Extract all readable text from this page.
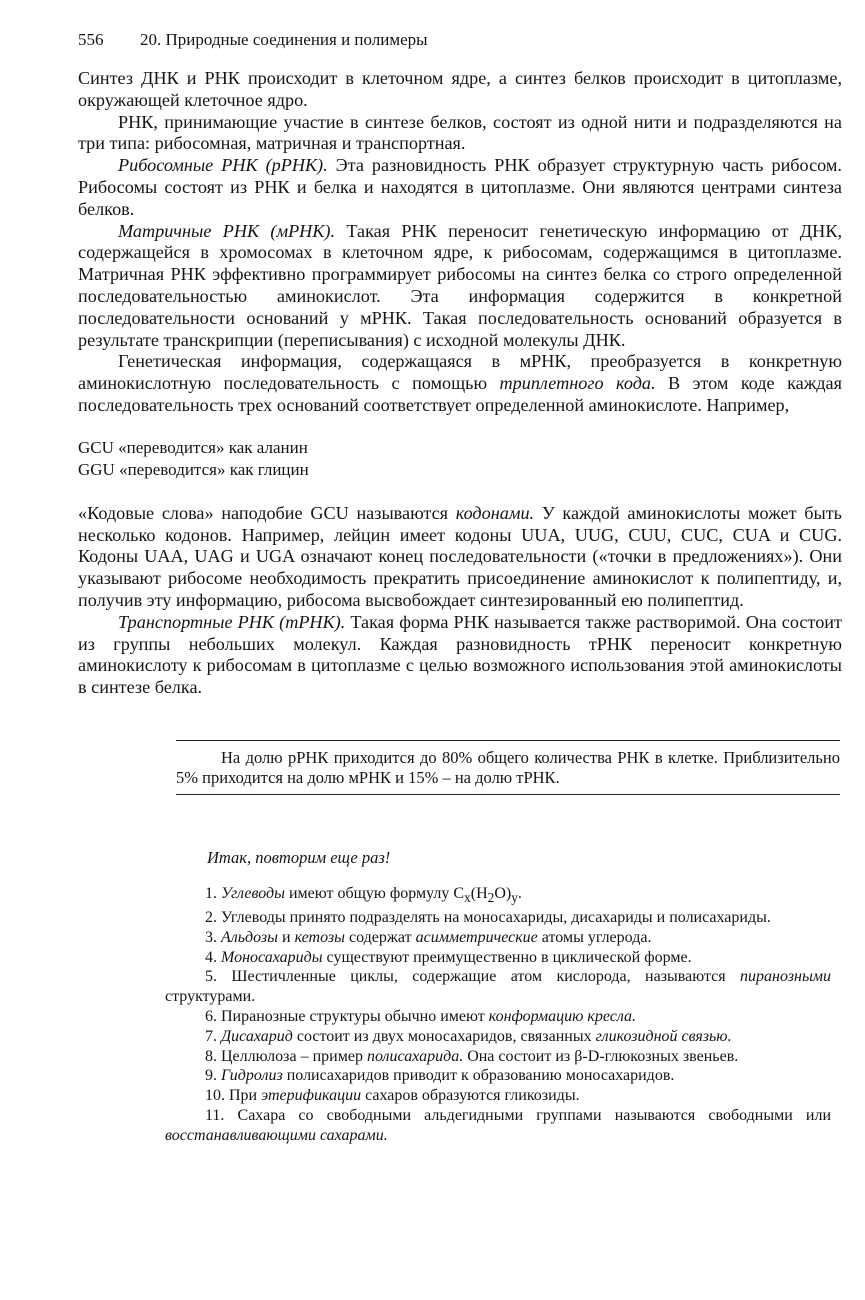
556 20. Природные соединения и полимеры

Синтез ДНК и РНК происходит в клеточном ядре, а синтез белков происходит в цитоплазме, окружающей клеточное ядро.

РНК, принимающие участие в синтезе белков, состоят из одной нити и подразделяются на три типа: рибосомная, матричная и транспортная.

Рибосомные РНК (рРНК). Эта разновидность РНК образует структурную часть рибосом. Рибосомы состоят из РНК и белка и находятся в цитоплазме. Они являются центрами синтеза белков.

Матричные РНК (мРНК). Такая РНК переносит генетическую информацию от ДНК, содержащейся в хромосомах в клеточном ядре, к рибосомам, содержащимся в цитоплазме. Матричная РНК эффективно программирует рибосомы на синтез белка со строго определенной последовательностью аминокислот. Эта информация содержится в конкретной последовательности оснований у мРНК. Такая последовательность оснований образуется в результате транскрипции (переписывания) с исходной молекулы ДНК.

Генетическая информация, содержащаяся в мРНК, преобразуется в конкретную аминокислотную последовательность с помощью триплетного кода. В этом коде каждая последовательность трех оснований соответствует определенной аминокислоте. Например,

GCU «переводится» как аланин
GGU «переводится» как глицин

«Кодовые слова» наподобие GCU называются кодонами. У каждой аминокислоты может быть несколько кодонов. Например, лейцин имеет кодоны UUA, UUG, CUU, CUC, CUA и CUG. Кодоны UAA, UAG и UGA означают конец последовательности («точки в предложениях»). Они указывают рибосоме необходимость прекратить присоединение аминокислот к полипептиду, и, получив эту информацию, рибосома высвобождает синтезированный ею полипептид.

Транспортные РНК (тРНК). Такая форма РНК называется также растворимой. Она состоит из группы небольших молекул. Каждая разновидность тРНК переносит конкретную аминокислоту к рибосомам в цитоплазме с целью возможного использования этой аминокислоты в синтезе белка.

На долю рРНК приходится до 80% общего количества РНК в клетке. Приблизительно 5% приходится на долю мРНК и 15% – на долю тРНК.

Итак, повторим еще раз!
1. Углеводы имеют общую формулу $C_x(H_2O)_y$.
2. Углеводы принято подразделять на моносахариды, дисахариды и полисахариды.
3. Альдозы и кетозы содержат асимметрические атомы углерода.
4. Моносахариды существуют преимущественно в циклической форме.
5. Шестичленные циклы, содержащие атом кислорода, называются пиранозными структурами.
6. Пиранозные структуры обычно имеют конформацию кресла.
7. Дисахарид состоит из двух моносахаридов, связанных гликозидной связью.
8. Целлюлоза – пример полисахарида. Она состоит из β-D-глюкозных звеньев.
9. Гидролиз полисахаридов приводит к образованию моносахаридов.
10. При этерификации сахаров образуются гликозиды.
11. Сахара со свободными альдегидными группами называются свободными или восстанавливающими сахарами.
